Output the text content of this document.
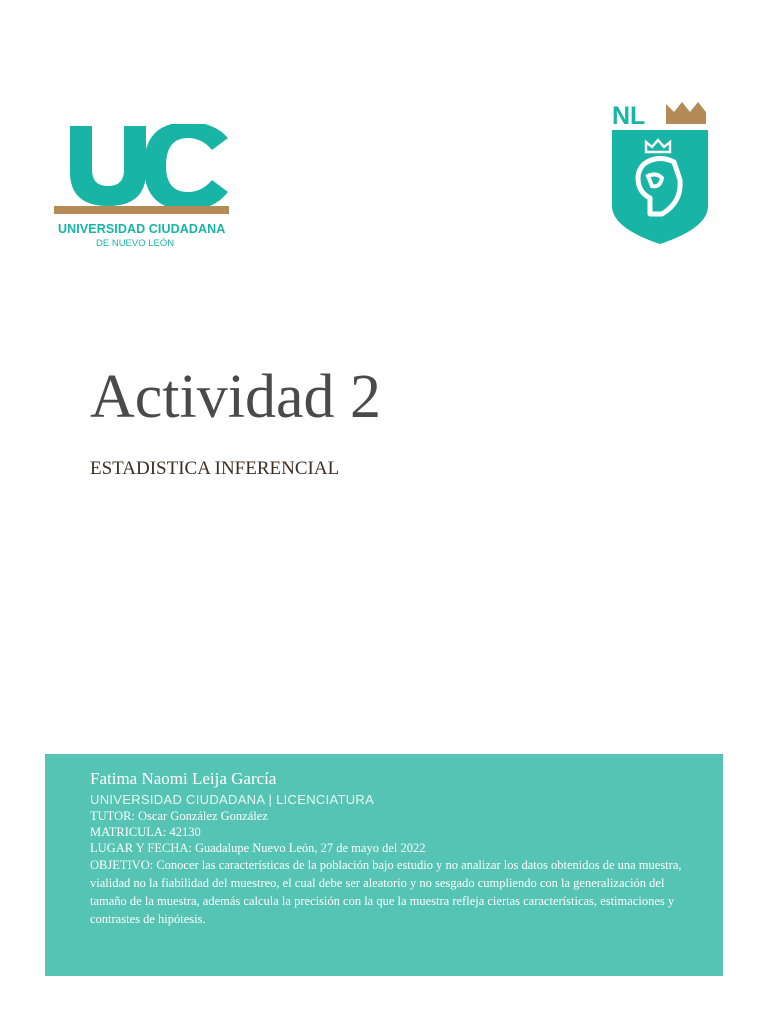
UNIVERSIDAD CIUDADANA
DE NUEVO LEÓN
NL
Actividad 2
ESTADISTICA INFERENCIAL
Fatima Naomi Leija García
UNIVERSIDAD CIUDADANA | LICENCIATURA
TUTOR: Oscar González González
MATRICULA: 42130
LUGAR Y FECHA: Guadalupe Nuevo León, 27 de mayo del 2022
OBJETIVO: Conocer las características de la población bajo estudio y no analizar los datos obtenidos de una muestra, vialidad no la fiabilidad del muestreo, el cual debe ser aleatorio y no sesgado cumpliendo con la generalización del tamaño de la muestra, además calcula la precisión con la que la muestra refleja ciertas características, estimaciones y contrastes de hipótesis.
